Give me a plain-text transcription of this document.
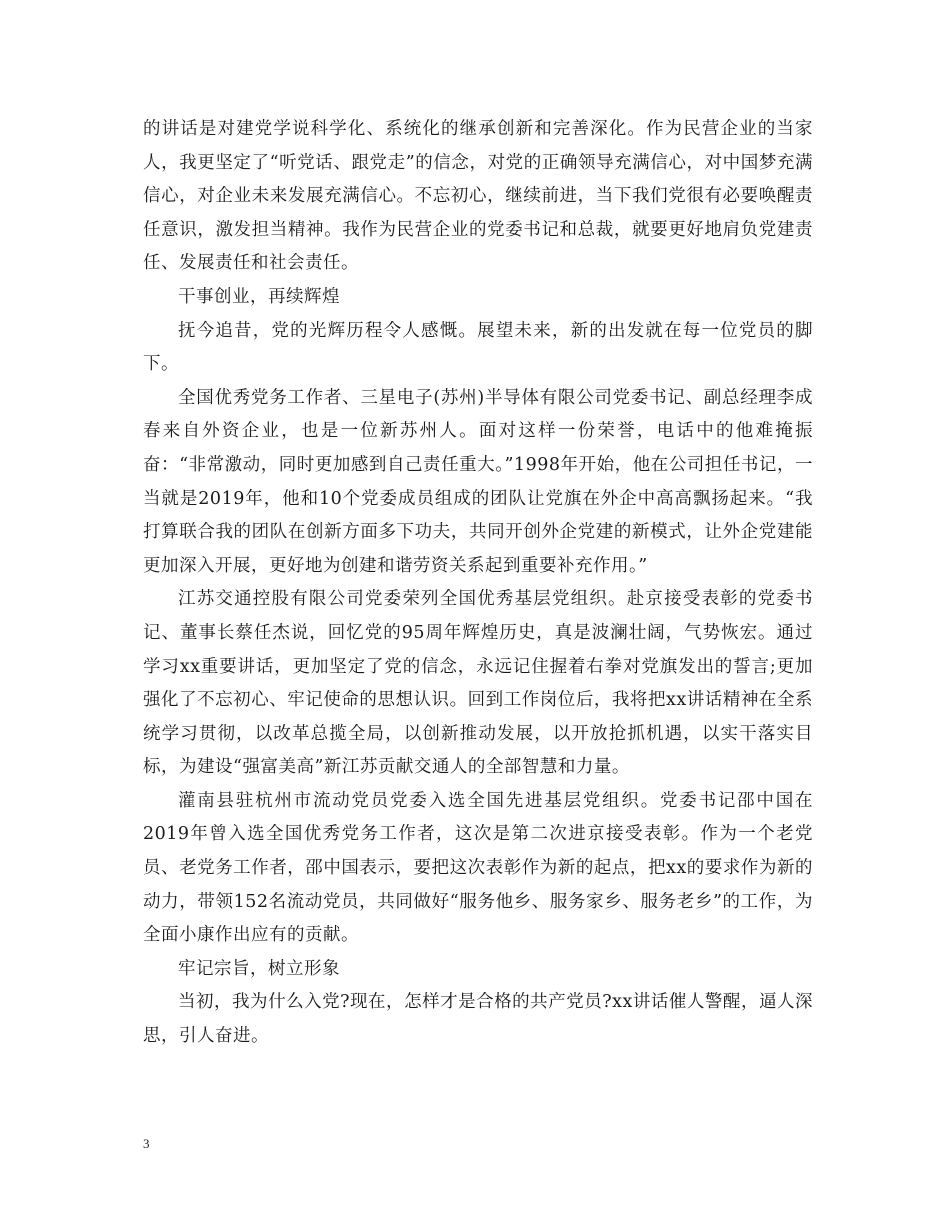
的讲话是对建党学说科学化、系统化的继承创新和完善深化。作为民营企业的当家人，我更坚定了“听党话、跟党走”的信念，对党的正确领导充满信心，对中国梦充满信心，对企业未来发展充满信心。不忘初心，继续前进，当下我们党很有必要唤醒责任意识，激发担当精神。我作为民营企业的党委书记和总裁，就要更好地肩负党建责任、发展责任和社会责任。

干事创业，再续辉煌

抚今追昔，党的光辉历程令人感慨。展望未来，新的出发就在每一位党员的脚下。

全国优秀党务工作者、三星电子(苏州)半导体有限公司党委书记、副总经理李成春来自外资企业，也是一位新苏州人。面对这样一份荣誉，电话中的他难掩振奋：“非常激动，同时更加感到自己责任重大。”1998年开始，他在公司担任书记，一当就是2019年，他和10个党委成员组成的团队让党旗在外企中高高飘扬起来。“我打算联合我的团队在创新方面多下功夫，共同开创外企党建的新模式，让外企党建能更加深入开展，更好地为创建和谐劳资关系起到重要补充作用。”

江苏交通控股有限公司党委荣列全国优秀基层党组织。赴京接受表彰的党委书记、董事长蔡任杰说，回忆党的95周年辉煌历史，真是波澜壮阔，气势恢宏。通过学习xx重要讲话，更加坚定了党的信念，永远记住握着右拳对党旗发出的誓言;更加强化了不忘初心、牢记使命的思想认识。回到工作岗位后，我将把xx讲话精神在全系统学习贯彻，以改革总揽全局，以创新推动发展，以开放抢抓机遇，以实干落实目标，为建设“强富美高”新江苏贡献交通人的全部智慧和力量。

灌南县驻杭州市流动党员党委入选全国先进基层党组织。党委书记邵中国在2019年曾入选全国优秀党务工作者，这次是第二次进京接受表彰。作为一个老党员、老党务工作者，邵中国表示，要把这次表彰作为新的起点，把xx的要求作为新的动力，带领152名流动党员，共同做好“服务他乡、服务家乡、服务老乡”的工作，为全面小康作出应有的贡献。

牢记宗旨，树立形象

当初，我为什么入党?现在，怎样才是合格的共产党员?xx讲话催人警醒，逼人深思，引人奋进。

3
